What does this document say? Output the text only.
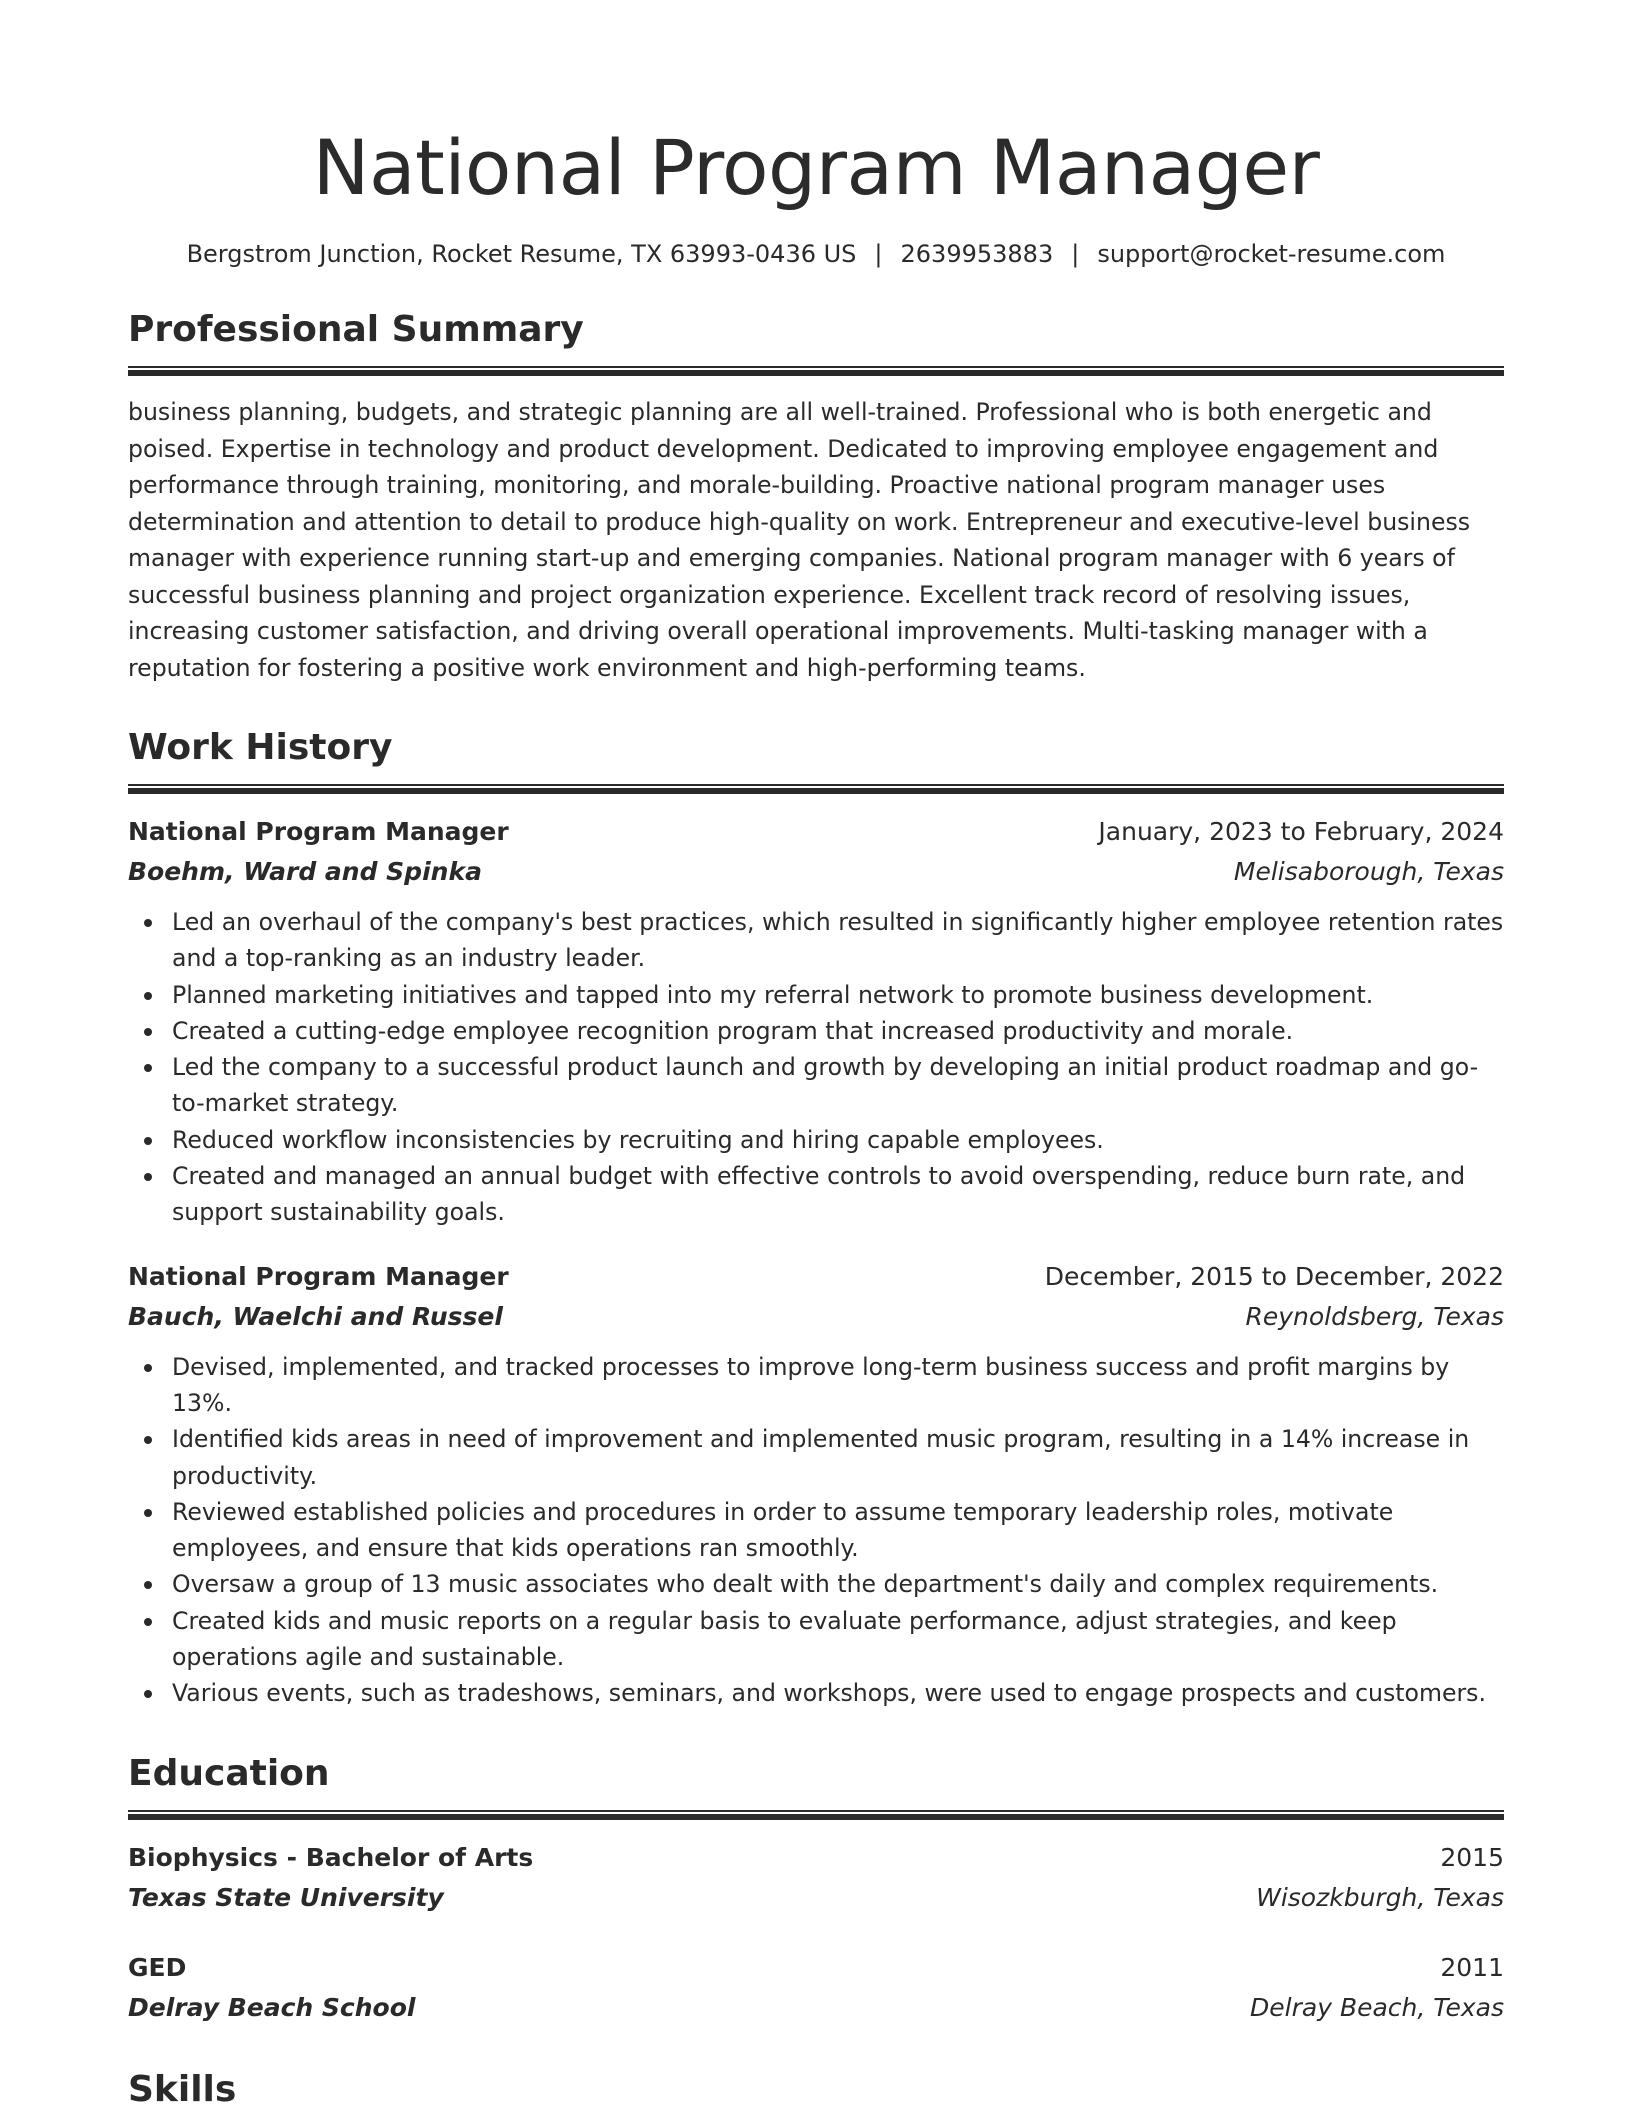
National Program Manager
Bergstrom Junction, Rocket Resume, TX 63993-0436 US | 2639953883 | support@rocket-resume.com
Professional Summary

business planning, budgets, and strategic planning are all well-trained. Professional who is both energetic and poised. Expertise in technology and product development. Dedicated to improving employee engagement and performance through training, monitoring, and morale-building. Proactive national program manager uses determination and attention to detail to produce high-quality on work. Entrepreneur and executive-level business manager with experience running start-up and emerging companies. National program manager with 6 years of successful business planning and project organization experience. Excellent track record of resolving issues, increasing customer satisfaction, and driving overall operational improvements. Multi-tasking manager with a reputation for fostering a positive work environment and high-performing teams.

Work History
National Program Manager	January, 2023 to February, 2024
Boehm, Ward and Spinka	Melisaborough, Texas
Led an overhaul of the company's best practices, which resulted in significantly higher employee retention rates and a top-ranking as an industry leader.
Planned marketing initiatives and tapped into my referral network to promote business development.
Created a cutting-edge employee recognition program that increased productivity and morale.
Led the company to a successful product launch and growth by developing an initial product roadmap and go-to-market strategy.
Reduced workflow inconsistencies by recruiting and hiring capable employees.
Created and managed an annual budget with effective controls to avoid overspending, reduce burn rate, and support sustainability goals.
National Program Manager	December, 2015 to December, 2022
Bauch, Waelchi and Russel	Reynoldsberg, Texas
Devised, implemented, and tracked processes to improve long-term business success and profit margins by 13%.
Identified kids areas in need of improvement and implemented music program, resulting in a 14% increase in productivity.
Reviewed established policies and procedures in order to assume temporary leadership roles, motivate employees, and ensure that kids operations ran smoothly.
Oversaw a group of 13 music associates who dealt with the department's daily and complex requirements.
Created kids and music reports on a regular basis to evaluate performance, adjust strategies, and keep operations agile and sustainable.
Various events, such as tradeshows, seminars, and workshops, were used to engage prospects and customers.
Education
Biophysics - Bachelor of Arts	2015
Texas State University	Wisozkburgh, Texas
GED	2011
Delray Beach School	Delray Beach, Texas
Skills
